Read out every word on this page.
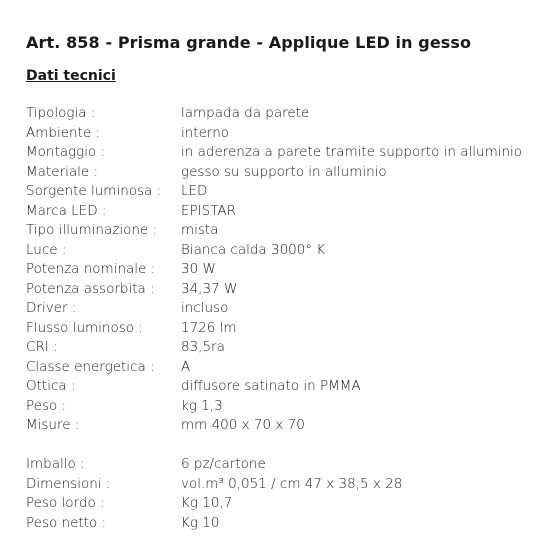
Art. 858 - Prisma grande - Applique LED in gesso
Dati tecnici
Tipologia :	lampada da parete
Ambiente :	interno
Montaggio :	in aderenza a parete tramite supporto in alluminio
Materiale :	gesso su supporto in alluminio
Sorgente luminosa : LED
Marca LED :	EPISTAR
Tipo illuminazione : mista
Luce :	Bianca calda 3000° K
Potenza nominale : 30 W
Potenza assorbita : 34,37 W
Driver :	incluso
Flusso luminoso :	1726 lm
CRI :	83,5ra
Classe energetica : A
Ottica :	diffusore satinato in PMMA
Peso :	kg 1,3
Misure :	mm 400 x 70 x 70
Imballo :	6 pz/cartone
Dimensioni :	vol.m³ 0,051 / cm 47 x 38,5 x 28
Peso lordo :	Kg 10,7
Peso netto :	Kg 10
